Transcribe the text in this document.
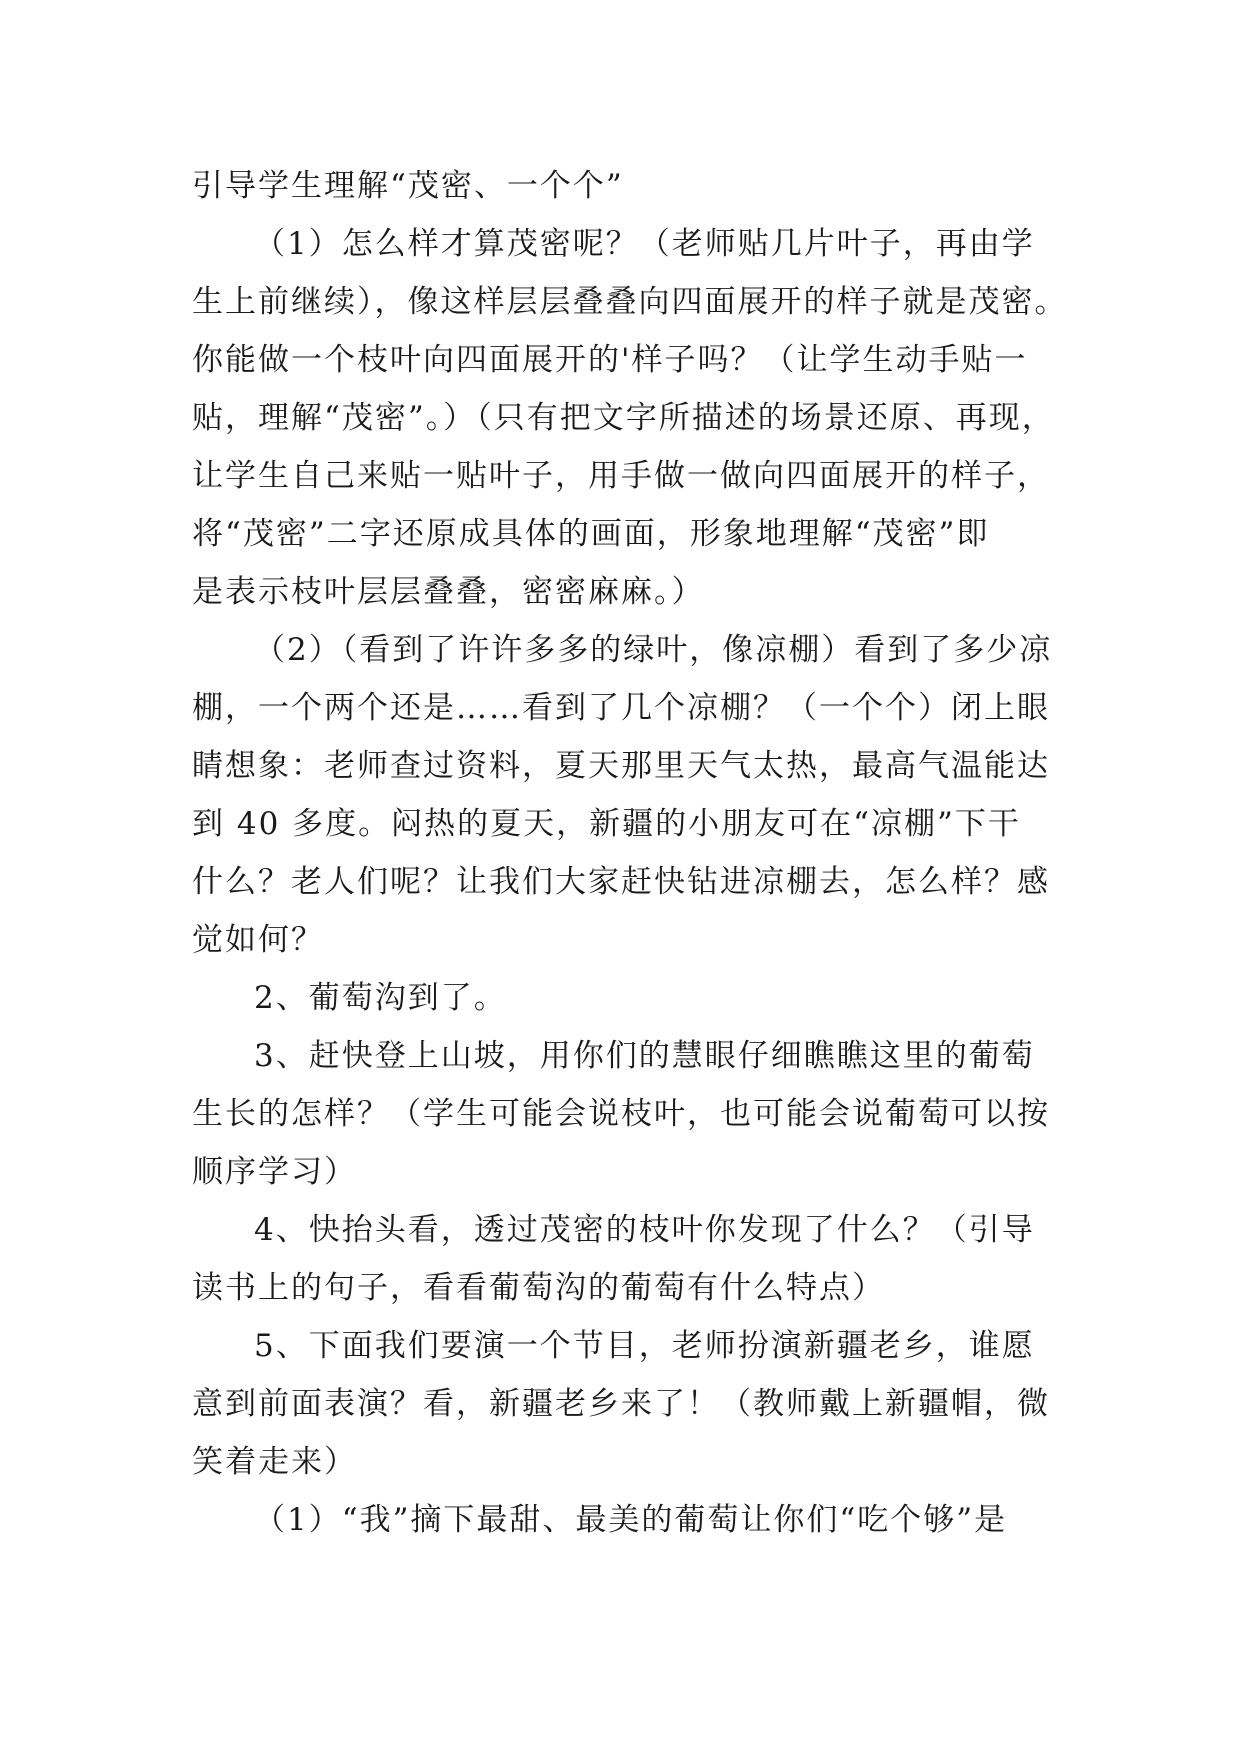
引导学生理解“茂密、一个个”
（1）怎么样才算茂密呢？（老师贴几片叶子，再由学
生上前继续），像这样层层叠叠向四面展开的样子就是茂密。
你能做一个枝叶向四面展开的'样子吗？（让学生动手贴一
贴，理解“茂密”。）（只有把文字所描述的场景还原、再现，
让学生自己来贴一贴叶子，用手做一做向四面展开的样子，
将“茂密”二字还原成具体的画面，形象地理解“茂密”即
是表示枝叶层层叠叠，密密麻麻。）
（2）（看到了许许多多的绿叶，像凉棚）看到了多少凉
棚，一个两个还是……看到了几个凉棚？（一个个）闭上眼
睛想象：老师查过资料，夏天那里天气太热，最高气温能达
到 40 多度。闷热的夏天，新疆的小朋友可在“凉棚”下干
什么？老人们呢？让我们大家赶快钻进凉棚去，怎么样？感
觉如何？
2、葡萄沟到了。
3、赶快登上山坡，用你们的慧眼仔细瞧瞧这里的葡萄
生长的怎样？（学生可能会说枝叶，也可能会说葡萄可以按
顺序学习）
4、快抬头看，透过茂密的枝叶你发现了什么？（引导
读书上的句子，看看葡萄沟的葡萄有什么特点）
5、下面我们要演一个节目，老师扮演新疆老乡，谁愿
意到前面表演？看，新疆老乡来了！（教师戴上新疆帽，微
笑着走来）
（1）“我”摘下最甜、最美的葡萄让你们“吃个够”是
